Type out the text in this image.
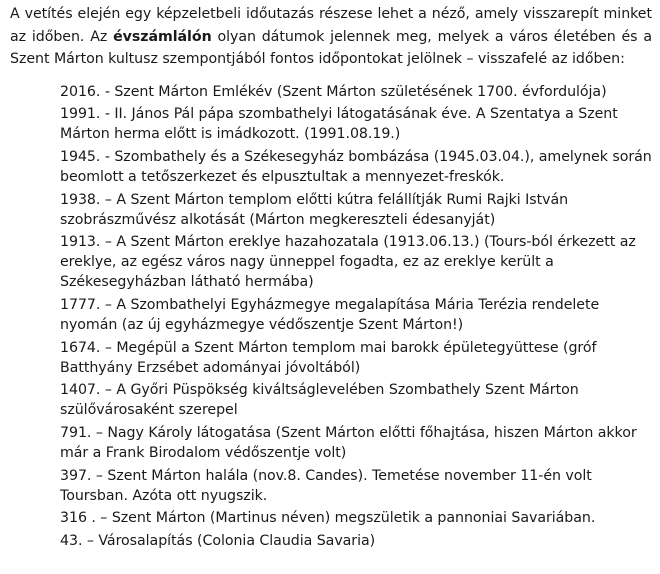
A vetítés elején egy képzeletbeli időutazás részese lehet a néző, amely visszarepít minket az időben. Az évszámlálón olyan dátumok jelennek meg, melyek a város életében és a Szent Márton kultusz szempontjából fontos időpontokat jelölnek – visszafelé az időben:

2016. - Szent Márton Emlékév (Szent Márton születésének 1700. évfordulója)
1991. - II. János Pál pápa szombathelyi látogatásának éve. A Szentatya a Szent Márton herma előtt is imádkozott. (1991.08.19.)
1945. - Szombathely és a Székesegyház bombázása (1945.03.04.), amelynek során beomlott a tetőszerkezet és elpusztultak a mennyezet-freskók.
1938. – A Szent Márton templom előtti kútra felállítják Rumi Rajki István szobrászművész alkotását (Márton megkereszteli édesanyját)
1913. – A Szent Márton ereklye hazahozatala (1913.06.13.) (Tours-ból érkezett az ereklye, az egész város nagy ünneppel fogadta, ez az ereklye került a Székesegyházban látható hermába)
1777. – A Szombathelyi Egyházmegye megalapítása Mária Terézia rendelete nyomán (az új egyházmegye védőszentje Szent Márton!)
1674. – Megépül a Szent Márton templom mai barokk épületegyüttese (gróf Batthyány Erzsébet adományai jóvoltából)
1407. – A Győri Püspökség kiváltságlevelében Szombathely Szent Márton szülővárosaként szerepel
791. – Nagy Károly látogatása (Szent Márton előtti főhajtása, hiszen Márton akkor már a Frank Birodalom védőszentje volt)
397. – Szent Márton halála (nov.8. Candes). Temetése november 11-én volt Toursban. Azóta ott nyugszik.
316 . – Szent Márton (Martinus néven) megszületik a pannoniai Savariában.
43. – Városalapítás (Colonia Claudia Savaria)
